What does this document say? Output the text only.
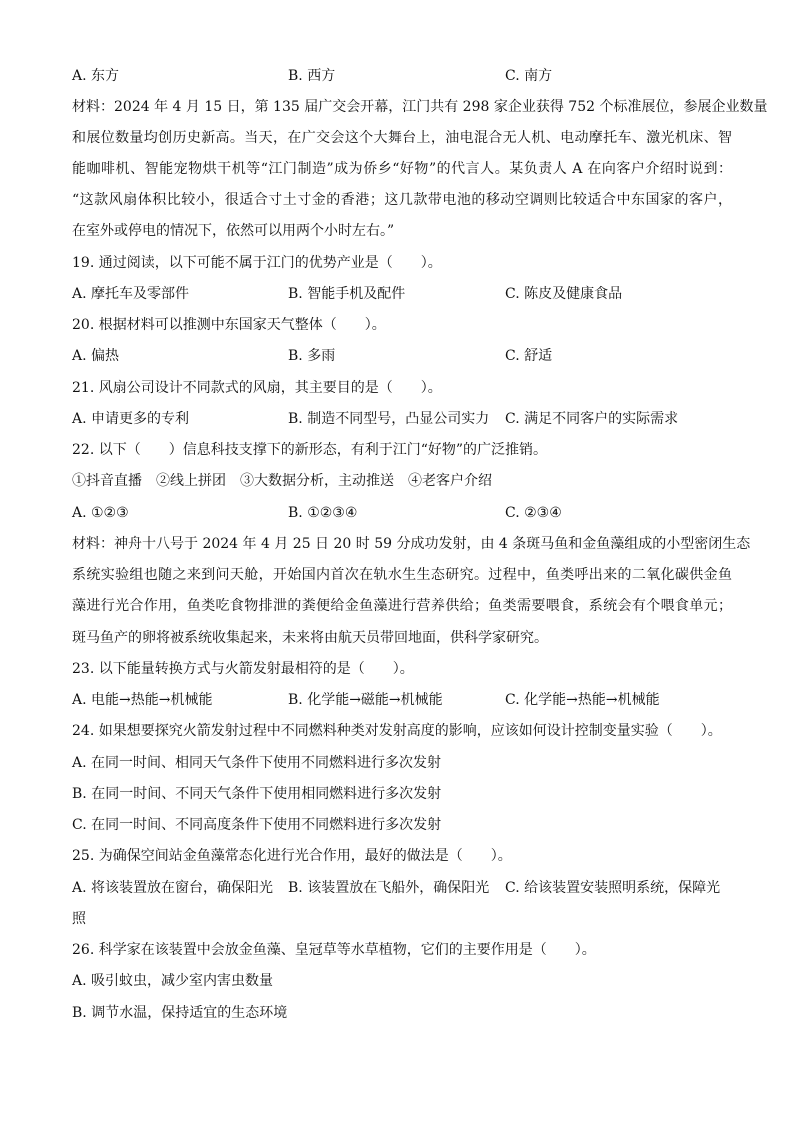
A. 东方	B. 西方	C. 南方
材料：2024 年 4 月 15 日，第 135 届广交会开幕，江门共有 298 家企业获得 752 个标准展位，参展企业数量
和展位数量均创历史新高。当天，在广交会这个大舞台上，油电混合无人机、电动摩托车、激光机床、智
能咖啡机、智能宠物烘干机等“江门制造”成为侨乡“好物”的代言人。某负责人 A 在向客户介绍时说到：
“这款风扇体积比较小，很适合寸土寸金的香港；这几款带电池的移动空调则比较适合中东国家的客户，
在室外或停电的情况下，依然可以用两个小时左右。”
19. 通过阅读，以下可能不属于江门的优势产业是（　　）。
A. 摩托车及零部件	B. 智能手机及配件	C. 陈皮及健康食品
20. 根据材料可以推测中东国家天气整体（　　）。
A. 偏热	B. 多雨	C. 舒适
21. 风扇公司设计不同款式的风扇，其主要目的是（　　）。
A. 申请更多的专利	B. 制造不同型号，凸显公司实力 C. 满足不同客户的实际需求
22. 以下（　　）信息科技支撑下的新形态，有利于江门“好物”的广泛推销。
①抖音直播　②线上拼团　③大数据分析，主动推送　④老客户介绍
A. ①②③	B. ①②③④	C. ②③④
材料：神舟十八号于 2024 年 4 月 25 日 20 时 59 分成功发射，由 4 条斑马鱼和金鱼藻组成的小型密闭生态
系统实验组也随之来到问天舱，开始国内首次在轨水生生态研究。过程中，鱼类呼出来的二氧化碳供金鱼
藻进行光合作用，鱼类吃食物排泄的粪便给金鱼藻进行营养供给；鱼类需要喂食，系统会有个喂食单元；
斑马鱼产的卵将被系统收集起来，未来将由航天员带回地面，供科学家研究。
23. 以下能量转换方式与火箭发射最相符的是（　　）。
A. 电能→热能→机械能	B. 化学能→磁能→机械能	C. 化学能→热能→机械能
24. 如果想要探究火箭发射过程中不同燃料种类对发射高度的影响，应该如何设计控制变量实验（　　）。
A. 在同一时间、相同天气条件下使用不同燃料进行多次发射
B. 在同一时间、不同天气条件下使用相同燃料进行多次发射
C. 在同一时间、不同高度条件下使用不同燃料进行多次发射
25. 为确保空间站金鱼藻常态化进行光合作用，最好的做法是（　　）。
A. 将该装置放在窗台，确保阳光 B. 该装置放在飞船外，确保阳光 C. 给该装置安装照明系统，保障光
照
26. 科学家在该装置中会放金鱼藻、皇冠草等水草植物，它们的主要作用是（　　）。
A. 吸引蚊虫，减少室内害虫数量
B. 调节水温，保持适宜的生态环境
